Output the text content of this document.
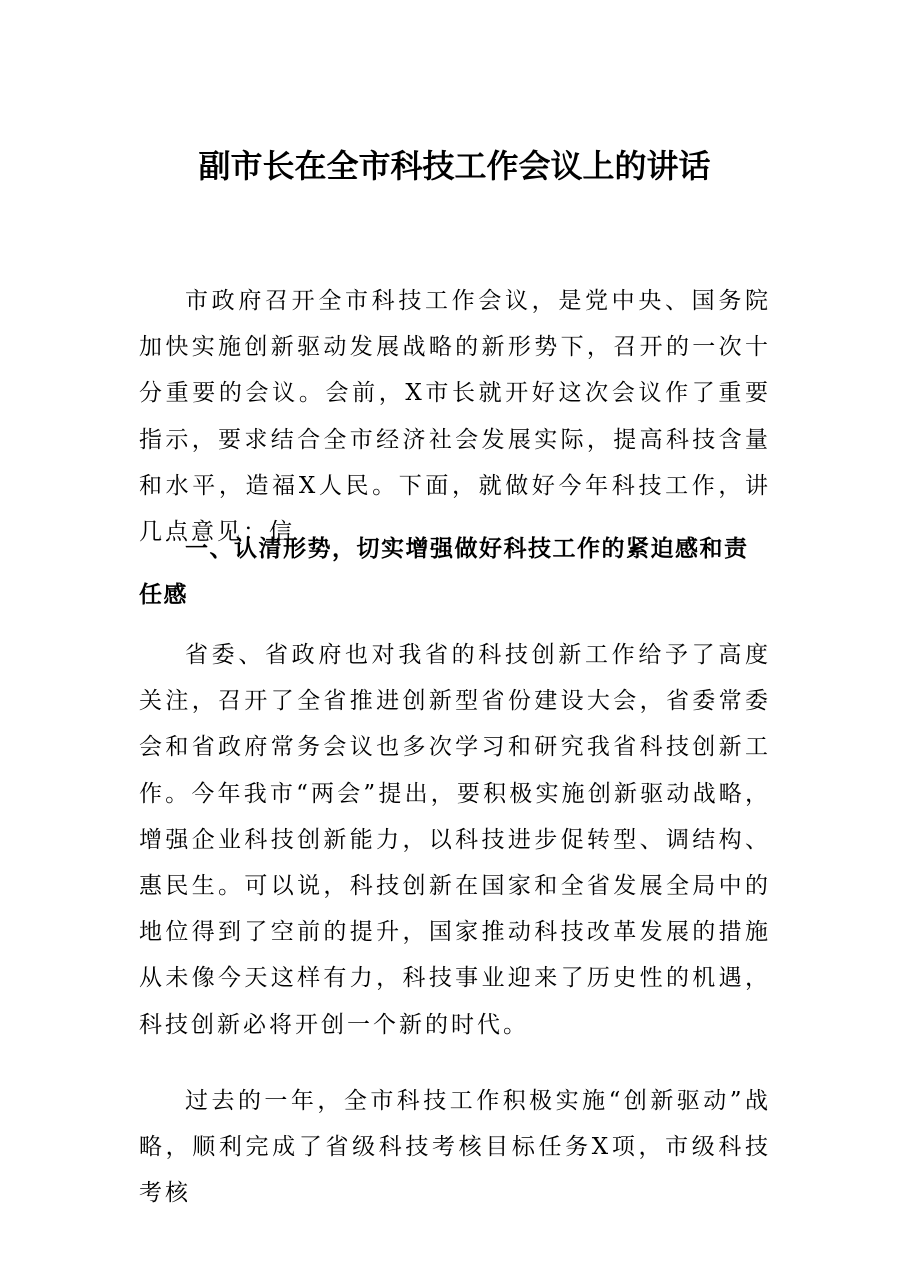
副市长在全市科技工作会议上的讲话

市政府召开全市科技工作会议，是党中央、国务院加快实施创新驱动发展战略的新形势下，召开的一次十分重要的会议。会前，X市长就开好这次会议作了重要指示，要求结合全市经济社会发展实际，提高科技含量和水平，造福X人民。下面，就做好今年科技工作，讲几点意见：信

一、认清形势，切实增强做好科技工作的紧迫感和责任感

省委、省政府也对我省的科技创新工作给予了高度关注，召开了全省推进创新型省份建设大会，省委常委会和省政府常务会议也多次学习和研究我省科技创新工作。今年我市“两会”提出，要积极实施创新驱动战略，增强企业科技创新能力，以科技进步促转型、调结构、惠民生。可以说，科技创新在国家和全省发展全局中的地位得到了空前的提升，国家推动科技改革发展的措施从未像今天这样有力，科技事业迎来了历史性的机遇，科技创新必将开创一个新的时代。

过去的一年，全市科技工作积极实施“创新驱动”战略，顺利完成了省级科技考核目标任务X项，市级科技考核
